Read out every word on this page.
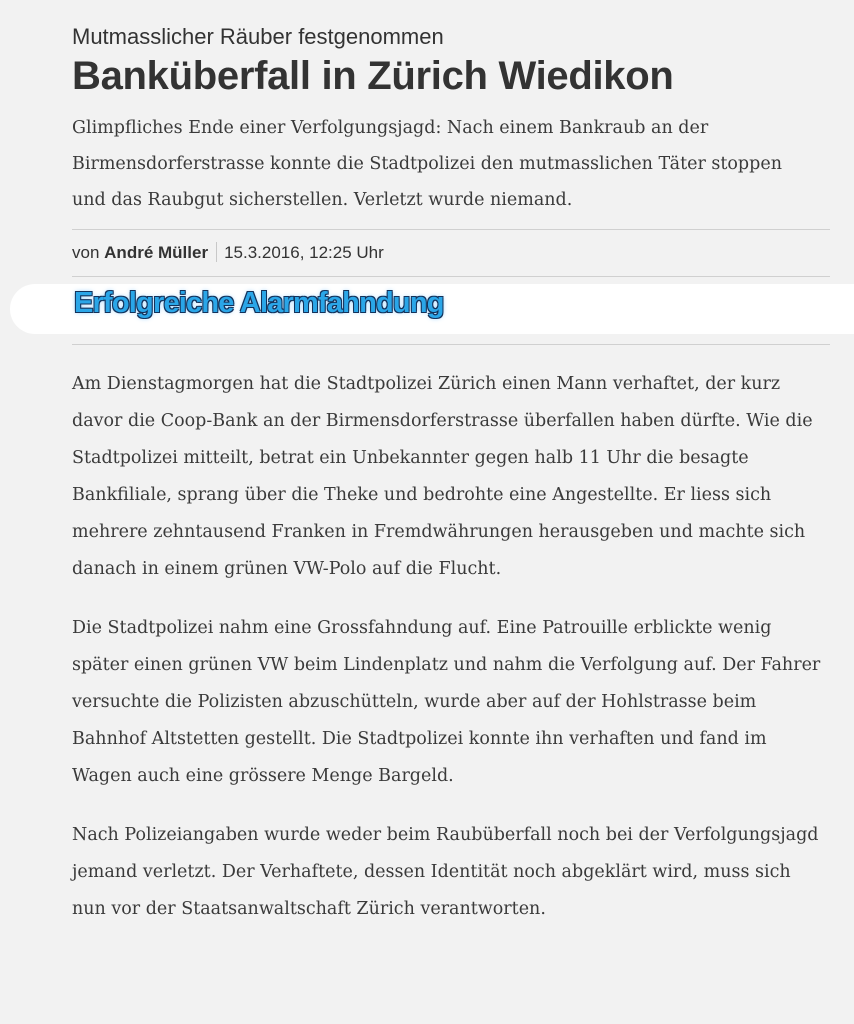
Mutmasslicher Räuber festgenommen
Banküberfall in Zürich Wiedikon
Glimpfliches Ende einer Verfolgungsjagd: Nach einem Bankraub an der Birmensdorferstrasse konnte die Stadtpolizei den mutmasslichen Täter stoppen und das Raubgut sicherstellen. Verletzt wurde niemand.
von André Müller 15.3.2016, 12:25 Uhr
Erfolgreiche Alarmfahndung

Am Dienstagmorgen hat die Stadtpolizei Zürich einen Mann verhaftet, der kurz davor die Coop-Bank an der Birmensdorferstrasse überfallen haben dürfte. Wie die Stadtpolizei mitteilt, betrat ein Unbekannter gegen halb 11 Uhr die besagte Bankfiliale, sprang über die Theke und bedrohte eine Angestellte. Er liess sich mehrere zehntausend Franken in Fremdwährungen herausgeben und machte sich danach in einem grünen VW-Polo auf die Flucht.

Die Stadtpolizei nahm eine Grossfahndung auf. Eine Patrouille erblickte wenig später einen grünen VW beim Lindenplatz und nahm die Verfolgung auf. Der Fahrer versuchte die Polizisten abzuschütteln, wurde aber auf der Hohlstrasse beim Bahnhof Altstetten gestellt. Die Stadtpolizei konnte ihn verhaften und fand im Wagen auch eine grössere Menge Bargeld.

Nach Polizeiangaben wurde weder beim Raubüberfall noch bei der Verfolgungsjagd jemand verletzt. Der Verhaftete, dessen Identität noch abgeklärt wird, muss sich nun vor der Staatsanwaltschaft Zürich verantworten.
